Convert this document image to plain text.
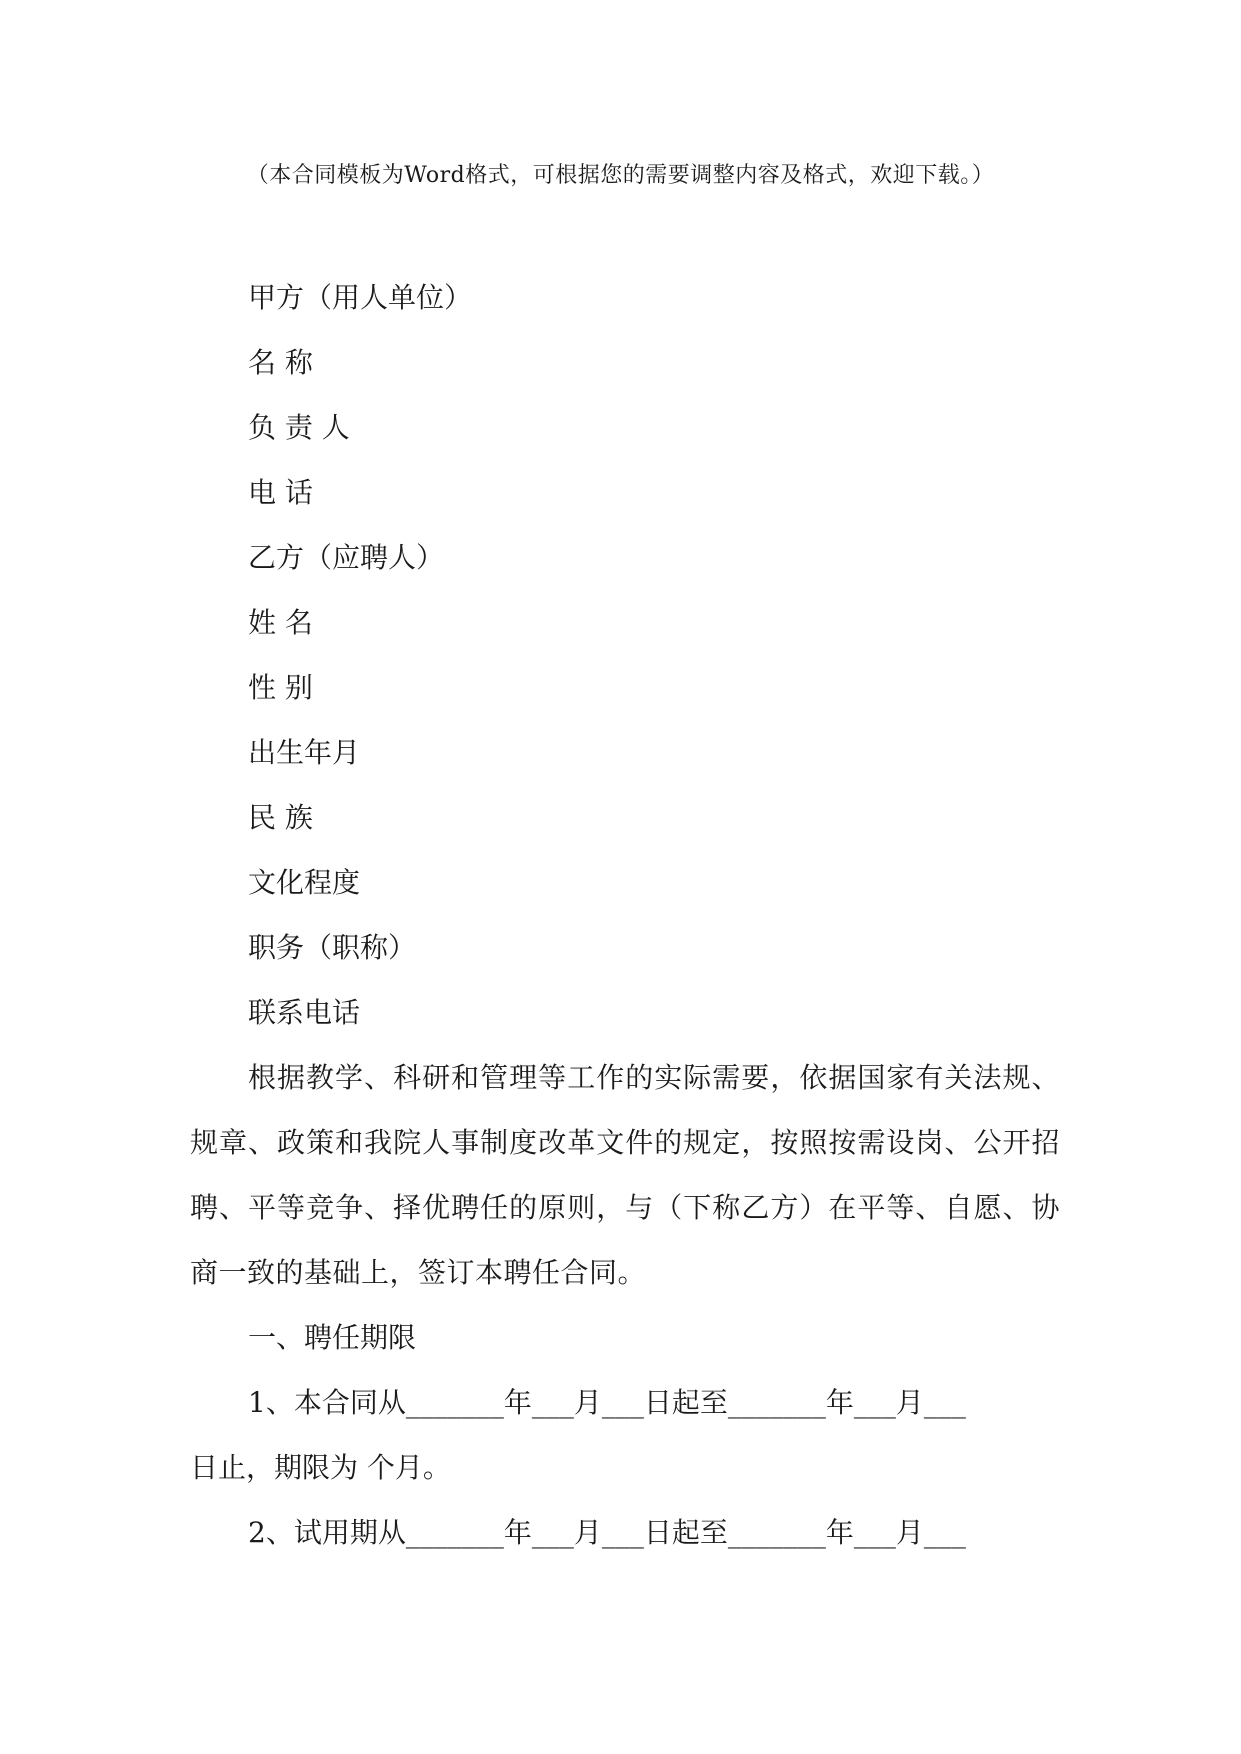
（本合同模板为Word格式，可根据您的需要调整内容及格式，欢迎下载。）
甲方（用人单位）
名 称
负 责 人
电 话
乙方（应聘人）
姓 名
性 别
出生年月
民 族
文化程度
职务（职称）
联系电话

根据教学、科研和管理等工作的实际需要，依据国家有关法规、规章、政策和我院人事制度改革文件的规定，按照按需设岗、公开招聘、平等竞争、择优聘任的原则，与（下称乙方）在平等、自愿、协商一致的基础上，签订本聘任合同。

一、聘任期限

1、本合同从_______年___月___日起至_______年___月___

日止，期限为 个月。

2、试用期从_______年___月___日起至_______年___月___
